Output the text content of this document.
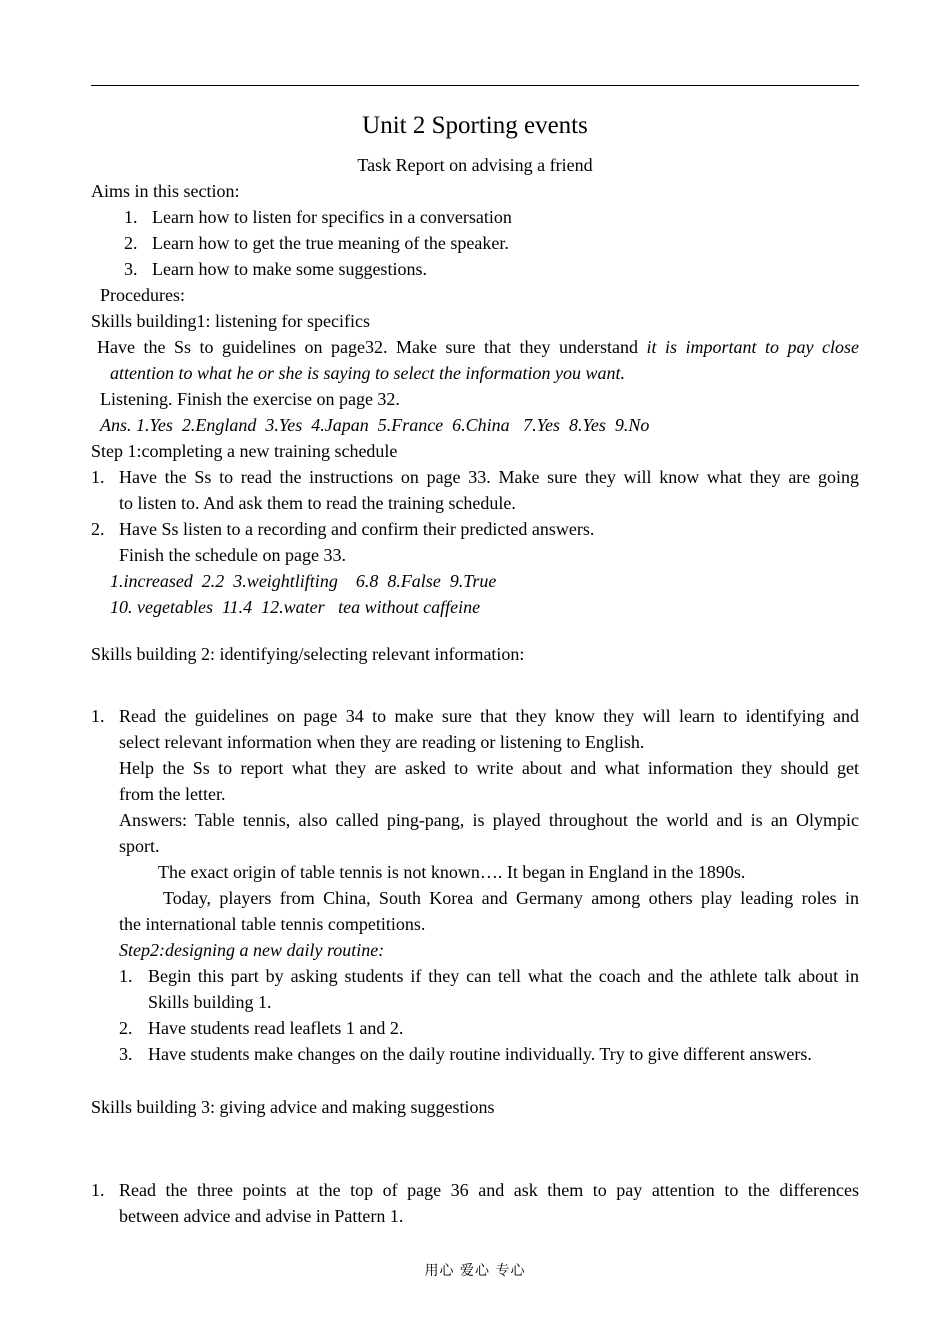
Unit 2 Sporting events
Task Report on advising a friend
Aims in this section:
1. Learn how to listen for specifics in a conversation
2. Learn how to get the true meaning of the speaker.
3. Learn how to make some suggestions.
Procedures:
Skills building1: listening for specifics
Have the Ss to guidelines on page32. Make sure that they understand it is important to pay close
attention to what he or she is saying to select the information you want.
Listening. Finish the exercise on page 32.
Ans. 1.Yes  2.England  3.Yes  4.Japan  5.France  6.China   7.Yes  8.Yes  9.No
Step 1:completing a new training schedule
1. Have the Ss to read the instructions on page 33. Make sure they will know what they are going
to listen to. And ask them to read the training schedule.
2. Have Ss listen to a recording and confirm their predicted answers.
Finish the schedule on page 33.
1.increased  2.2  3.weightlifting    6.8  8.False  9.True
10. vegetables  11.4  12.water   tea without caffeine
Skills building 2: identifying/selecting relevant information:
1. Read the guidelines on page 34 to make sure that they know they will learn to identifying and
select relevant information when they are reading or listening to English.
Help the Ss to report what they are asked to write about and what information they should get
from the letter.
Answers: Table tennis, also called ping-pang, is played throughout the world and is an Olympic
sport.
The exact origin of table tennis is not known…. It began in England in the 1890s.
Today, players from China, South Korea and Germany among others play leading roles in
the international table tennis competitions.
Step2:designing a new daily routine:
1. Begin this part by asking students if they can tell what the coach and the athlete talk about in
Skills building 1.
2. Have students read leaflets 1 and 2.
3. Have students make changes on the daily routine individually. Try to give different answers.
Skills building 3: giving advice and making suggestions
1. Read the three points at the top of page 36 and ask them to pay attention to the differences
between advice and advise in Pattern 1.
用心 爱心 专心
